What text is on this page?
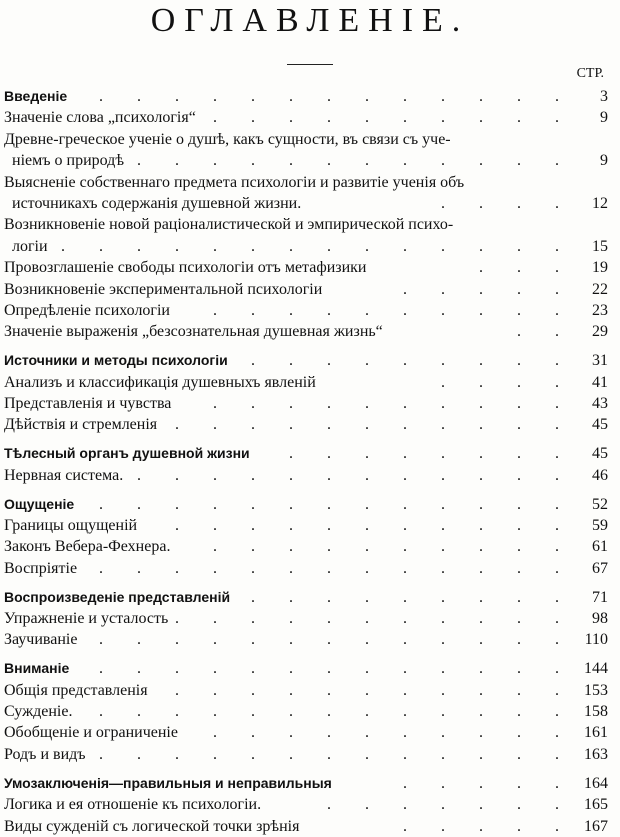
ОГЛАВЛЕНІЕ.
СТР.
Введеніе . . . . . . . . . . . . .	3
Значеніе слова „психологія“ . . . . . . . . . .	9
Древне-греческое ученіе о душѣ, какъ сущности, въ связи съ уче-
ніемъ о природѣ . . . . . . . . . . . .	9
Выясненіе собственнаго предмета психологіи и развитіе ученія объ
источникахъ содержанія душевной жизни.	. . . .	12
Возникновеніе новой раціоналистической и эмпирической психо-
логіи . . . . . . . . . . . . . .	15
Провозглашеніе свободы психологіи отъ метафизики	. . .	19
Возникновеніе экспериментальной психологіи	. . . . .	22
Опредѣленіе психологіи	. . . . . . . . . .	23
Значеніе выраженія „безсознательная душевная жизнь“	. .	29
Источники и методы психологіи . . . . . . . . .	31
Анализъ и классификація душевныхъ явленій	. . . .	41
Представленія и чувства	. . . . . . . . . .	43
Дѣйствія и стремленія . . . . . . . . . . .	45
Тѣлесный органъ душевной жизни . . . . . . . .	45
Нервная система. . . . . . . . . . . . .	46
Ощущеніе . . . . . . . . . . . . .	52
Границы ощущеній . . . . . . . . . . .	59
Законъ Вебера-Фехнера.	. . . . . . . . . .	61
Воспріятіе . . . . . . . . . . . . .	67
Воспроизведеніе представленій . . . . . . . . .	71
Упражненіе и усталость . . . . . . . . . . .	98
Заучиваніе . . . . . . . . . . . . . 110
Вниманіе . . . . . . . . . . . . . 144
Общія представленія . . . . . . . . . . . 153
Сужденіе. . . . . . . . . . . . . . 158
Обобщеніе и ограниченіе . . . . . . . . . . 161
Родъ и видъ . . . . . . . . . . . . . 163
Умозаключенія—правильныя и неправильныя	. . . . . 164
Логика и ея отношеніе къ психологіи.	. . . . . . . 165
Виды сужденій съ логической точки зрѣнія	. . . . . 167
